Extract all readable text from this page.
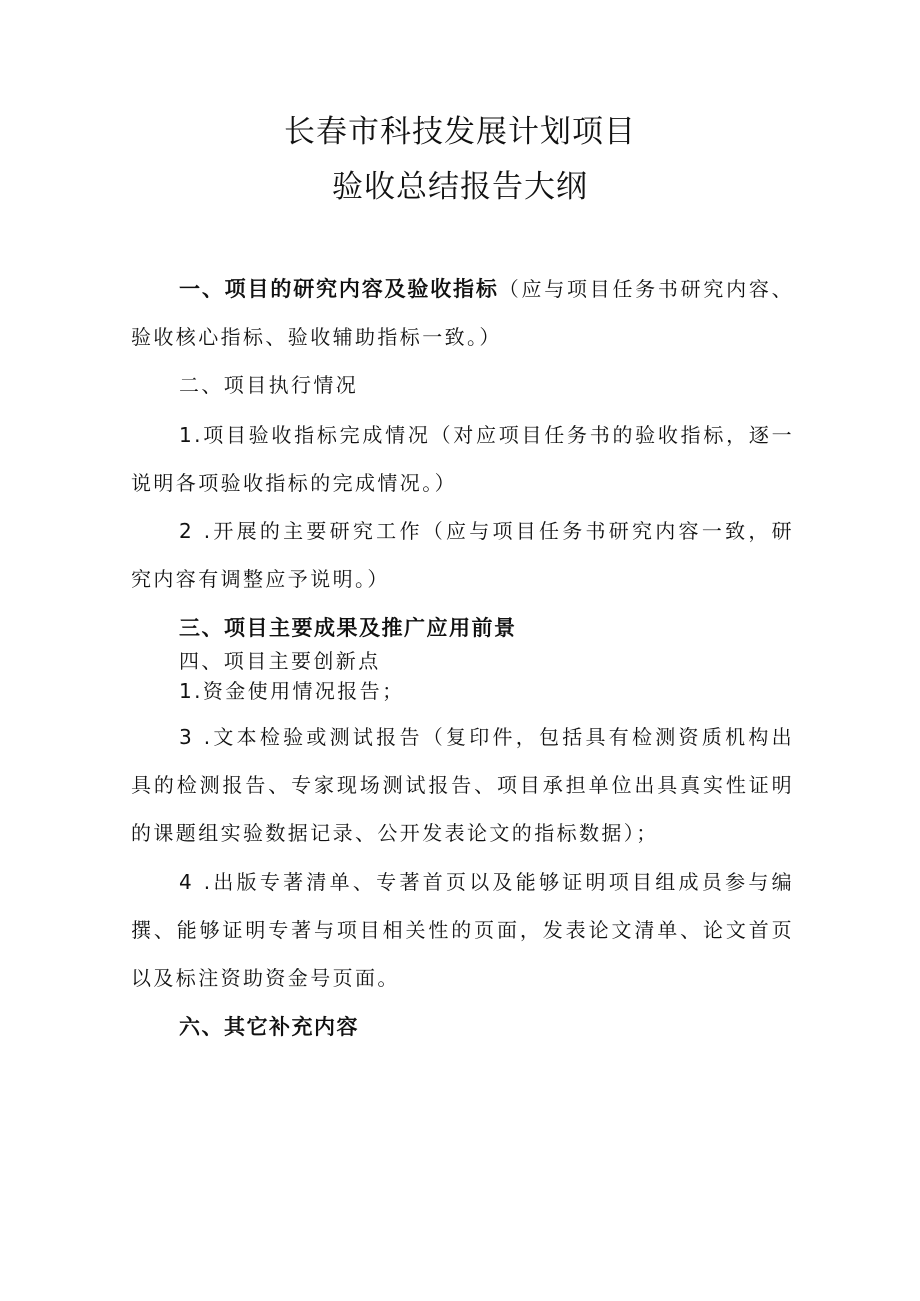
长春市科技发展计划项目
验收总结报告大纲

一、项目的研究内容及验收指标（应与项目任务书研究内容、验收核心指标、验收辅助指标一致。）

二、项目执行情况

1.项目验收指标完成情况（对应项目任务书的验收指标，逐一说明各项验收指标的完成情况。）

2 .开展的主要研究工作（应与项目任务书研究内容一致，研究内容有调整应予说明。）

三、项目主要成果及推广应用前景

四、项目主要创新点

1.资金使用情况报告；

3 .文本检验或测试报告（复印件，包括具有检测资质机构出具的检测报告、专家现场测试报告、项目承担单位出具真实性证明的课题组实验数据记录、公开发表论文的指标数据）；

4 .出版专著清单、专著首页以及能够证明项目组成员参与编撰、能够证明专著与项目相关性的页面，发表论文清单、论文首页以及标注资助资金号页面。

六、其它补充内容
